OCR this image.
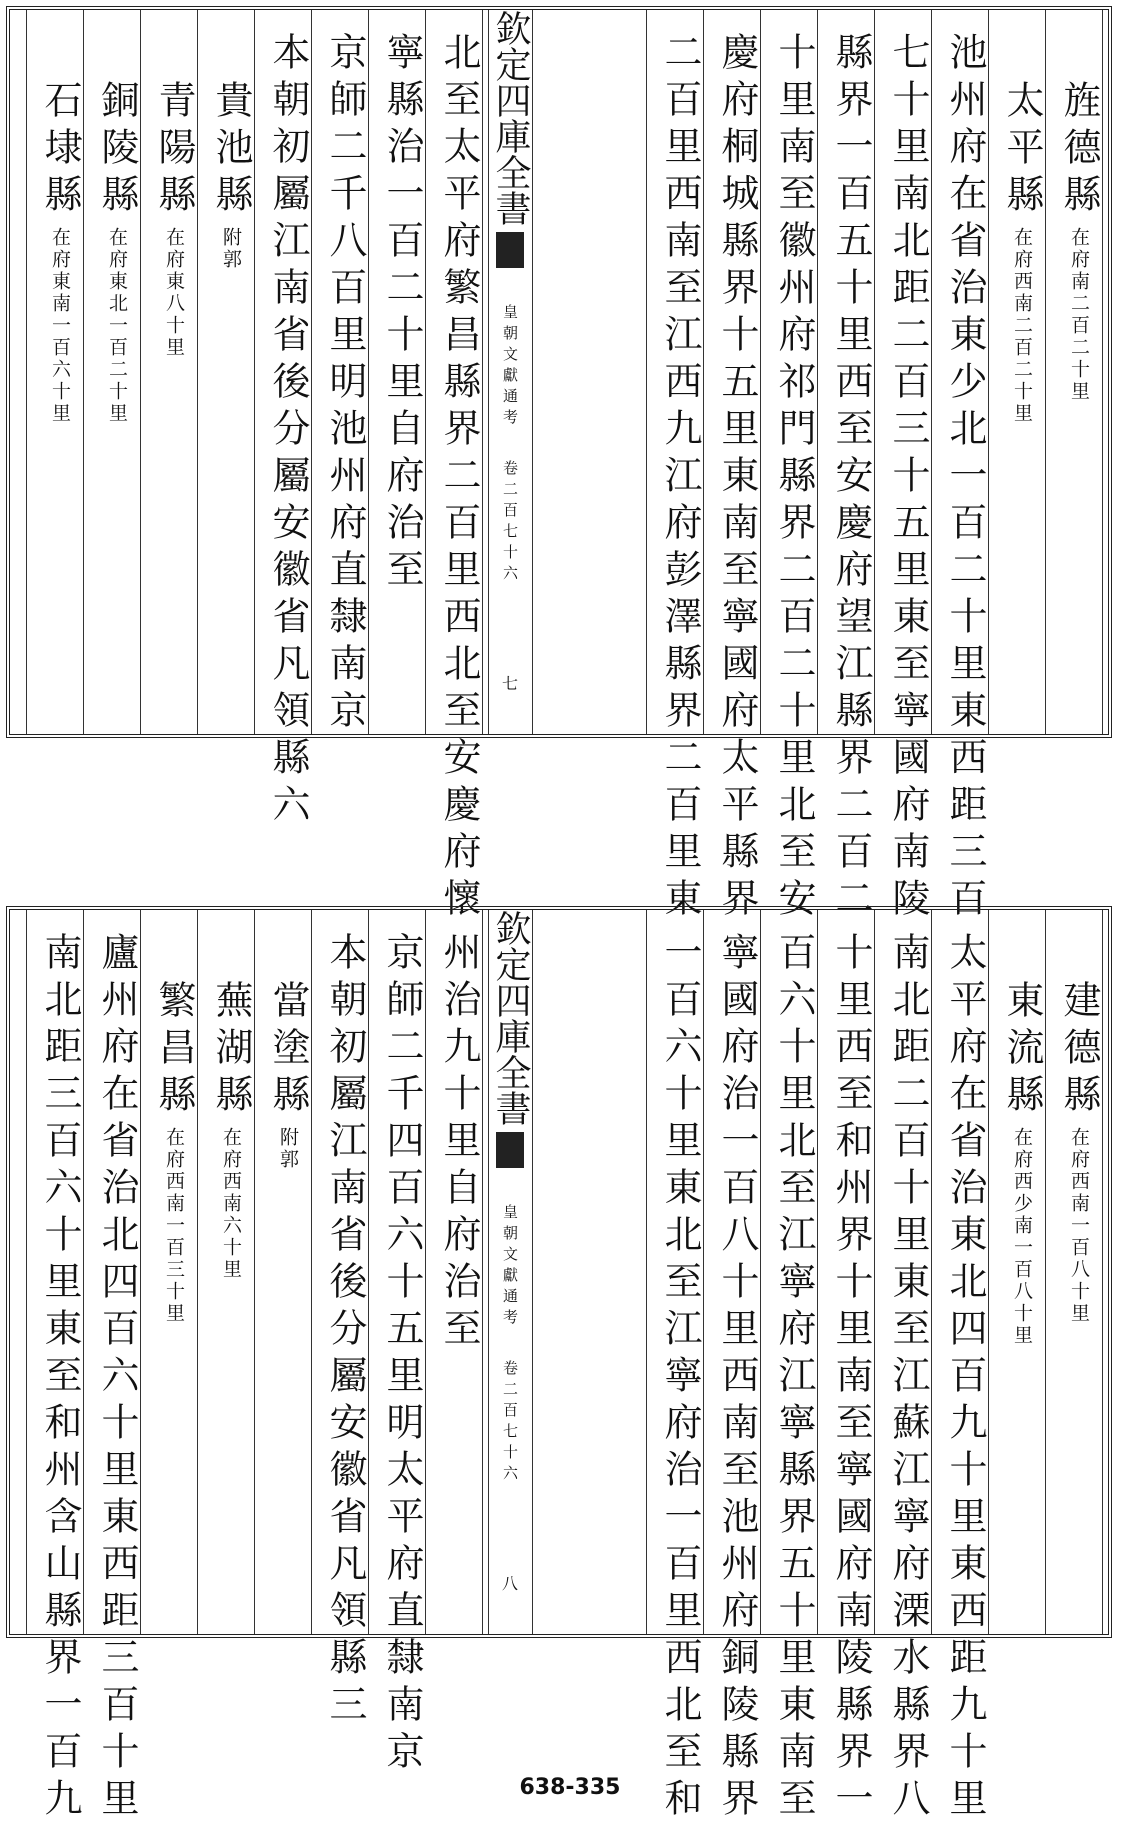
旌德縣在府南二百二十里
太平縣在府西南二百二十里
池州府在省治東少北一百二十里東西距三百
七十里南北距二百三十五里東至寧國府南陵
縣界一百五十里西至安慶府望江縣界二百二
十里南至徽州府祁門縣界二百二十里北至安
慶府桐城縣界十五里東南至寧國府太平縣界
二百里西南至江西九江府彭澤縣界二百里東
北至太平府繁昌縣界二百里西北至安慶府懷
寧縣治一百二十里自府治至
京師二千八百里明池州府直隸南京
本朝初屬江南省後分屬安徽省凡領縣六
貴池縣附郭
青陽縣在府東八十里
銅陵縣在府東北一百二十里
石埭縣在府東南一百六十里
欽定四庫全書皇朝文獻通考卷二百七十六
七
建德縣在府西南一百八十里
東流縣在府西少南一百八十里
太平府在省治東北四百九十里東西距九十里
南北距二百十里東至江蘇江寧府溧水縣界八
十里西至和州界十里南至寧國府南陵縣界一
百六十里北至江寧府江寧縣界五十里東南至
寧國府治一百八十里西南至池州府銅陵縣界
一百六十里東北至江寧府治一百里西北至和
州治九十里自府治至
京師二千四百六十五里明太平府直隸南京
本朝初屬江南省後分屬安徽省凡領縣三
當塗縣附郭
蕪湖縣在府西南六十里
繁昌縣在府西南一百三十里
廬州府在省治北四百六十里東西距三百十里
南北距三百六十里東至和州含山縣界一百九	欽定四庫全書皇朝文獻通考卷二百七十六
八
638-335
